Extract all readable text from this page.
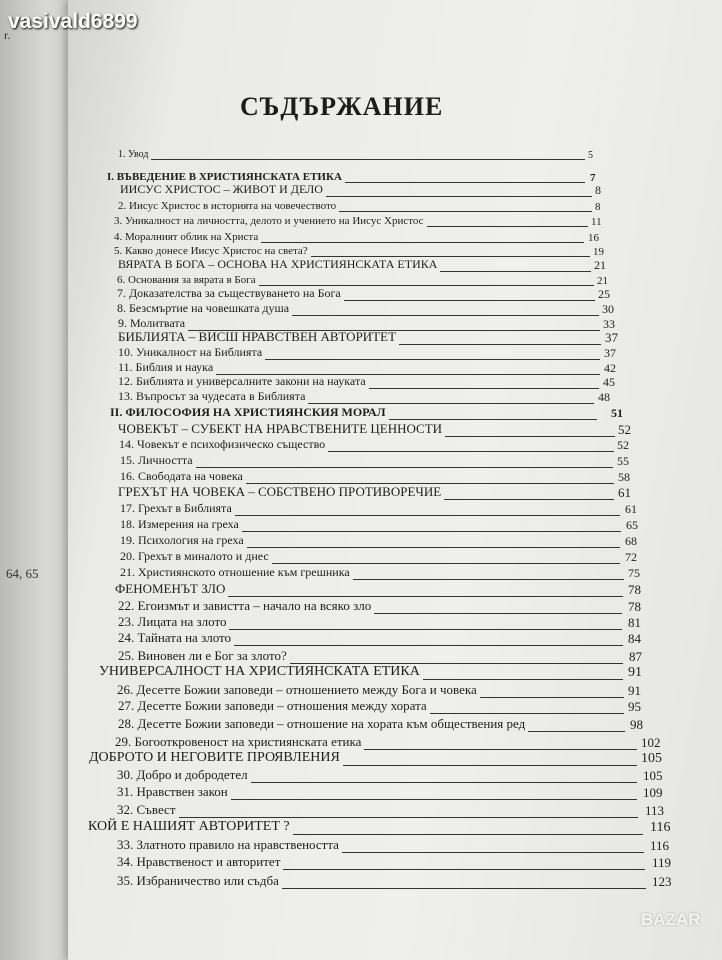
r.
64, 65
vasivald6899
СЪДЪРЖАНИЕ
1. Увод	5
I. ВЪВЕДЕНИЕ В ХРИСТИЯНСКАТА ЕТИКА	7
ИИСУС ХРИСТОС – ЖИВОТ И ДЕЛО	8
2. Иисус Христос в историята на човечеството	8
3. Уникалност на личността, делото и учението на Иисус Христос	11
4. Моралният облик на Христа	16
5. Какво донесе Иисус Христос на света?	19
ВЯРАТА В БОГА – ОСНОВА НА ХРИСТИЯНСКАТА ЕТИКА	21
6. Основания за вярата в Бога	21
7. Доказателства за съществуването на Бога	25
8. Безсмъртие на човешката душа	30
9. Молитвата	33
БИБЛИЯТА – ВИСШ НРАВСТВЕН АВТОРИТЕТ	37
10. Уникалност на Библията	37
11. Библия и наука	42
12. Библията и универсалните закони на науката	45
13. Въпросът за чудесата в Библията	48
II. ФИЛОСОФИЯ НА ХРИСТИЯНСКИЯ МОРАЛ	51
ЧОВЕКЪТ – СУБЕКТ НА НРАВСТВЕНИТЕ ЦЕННОСТИ	52
14. Човекът е психофизическо същество	52
15. Личността	55
16. Свободата на човека	58
ГРЕХЪТ НА ЧОВЕКА – СОБСТВЕНО ПРОТИВОРЕЧИЕ	61
17. Грехът в Библията	61
18. Измерения на греха	65
19. Психология на греха	68
20. Грехът в миналото и днес	72
21. Християнското отношение към грешника	75
ФЕНОМЕНЪТ ЗЛО	78
22. Егоизмът и завистта – начало на всяко зло	78
23. Лицата на злото	81
24. Тайната на злото	84
25. Виновен ли е Бог за злото?	87
УНИВЕРСАЛНОСТ НА ХРИСТИЯНСКАТА ЕТИКА	91
26. Десетте Божии заповеди – отношението между Бога и човека	91
27. Десетте Божии заповеди – отношения между хората	95
28. Десетте Божии заповеди – отношение на хората към обществения ред	98
29. Богооткровеност на християнската етика	102
ДОБРОТО И НЕГОВИТЕ ПРОЯВЛЕНИЯ	105
30. Добро и добродетел	105
31. Нравствен закон	109
32. Съвест	113
КОЙ Е НАШИЯТ АВТОРИТЕТ ?	116
33. Златното правило на нравствеността	116
34. Нравственост и авторитет	119
35. Избраничество или съдба	123
BAZAR
